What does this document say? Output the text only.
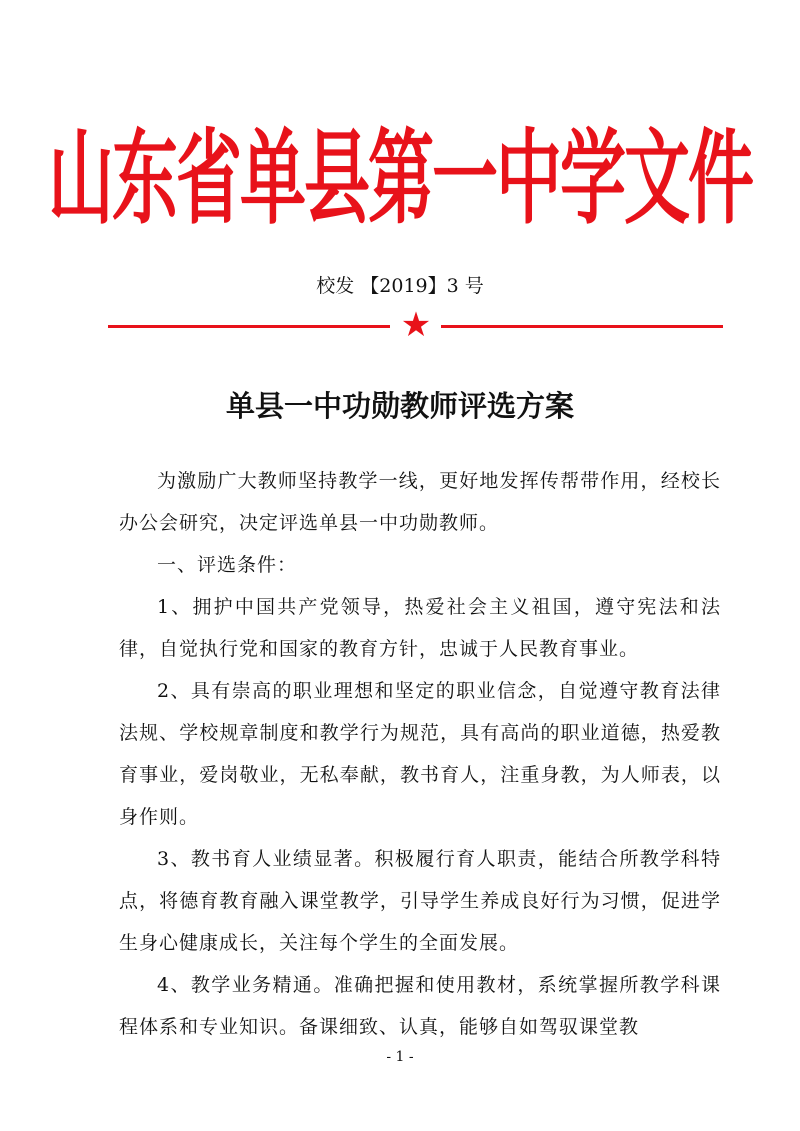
山东省单县第一中学文件
校发 【2019】3 号
★
单县一中功勋教师评选方案

为激励广大教师坚持教学一线，更好地发挥传帮带作用，经校长办公会研究，决定评选单县一中功勋教师。

一、评选条件：

1、拥护中国共产党领导，热爱社会主义祖国，遵守宪法和法律，自觉执行党和国家的教育方针，忠诚于人民教育事业。

2、具有崇高的职业理想和坚定的职业信念，自觉遵守教育法律法规、学校规章制度和教学行为规范，具有高尚的职业道德，热爱教育事业，爱岗敬业，无私奉献，教书育人，注重身教，为人师表，以身作则。

3、教书育人业绩显著。积极履行育人职责，能结合所教学科特点，将德育教育融入课堂教学，引导学生养成良好行为习惯，促进学生身心健康成长，关注每个学生的全面发展。

4、教学业务精通。准确把握和使用教材，系统掌握所教学科课程体系和专业知识。备课细致、认真，能够自如驾驭课堂教

- 1 -
